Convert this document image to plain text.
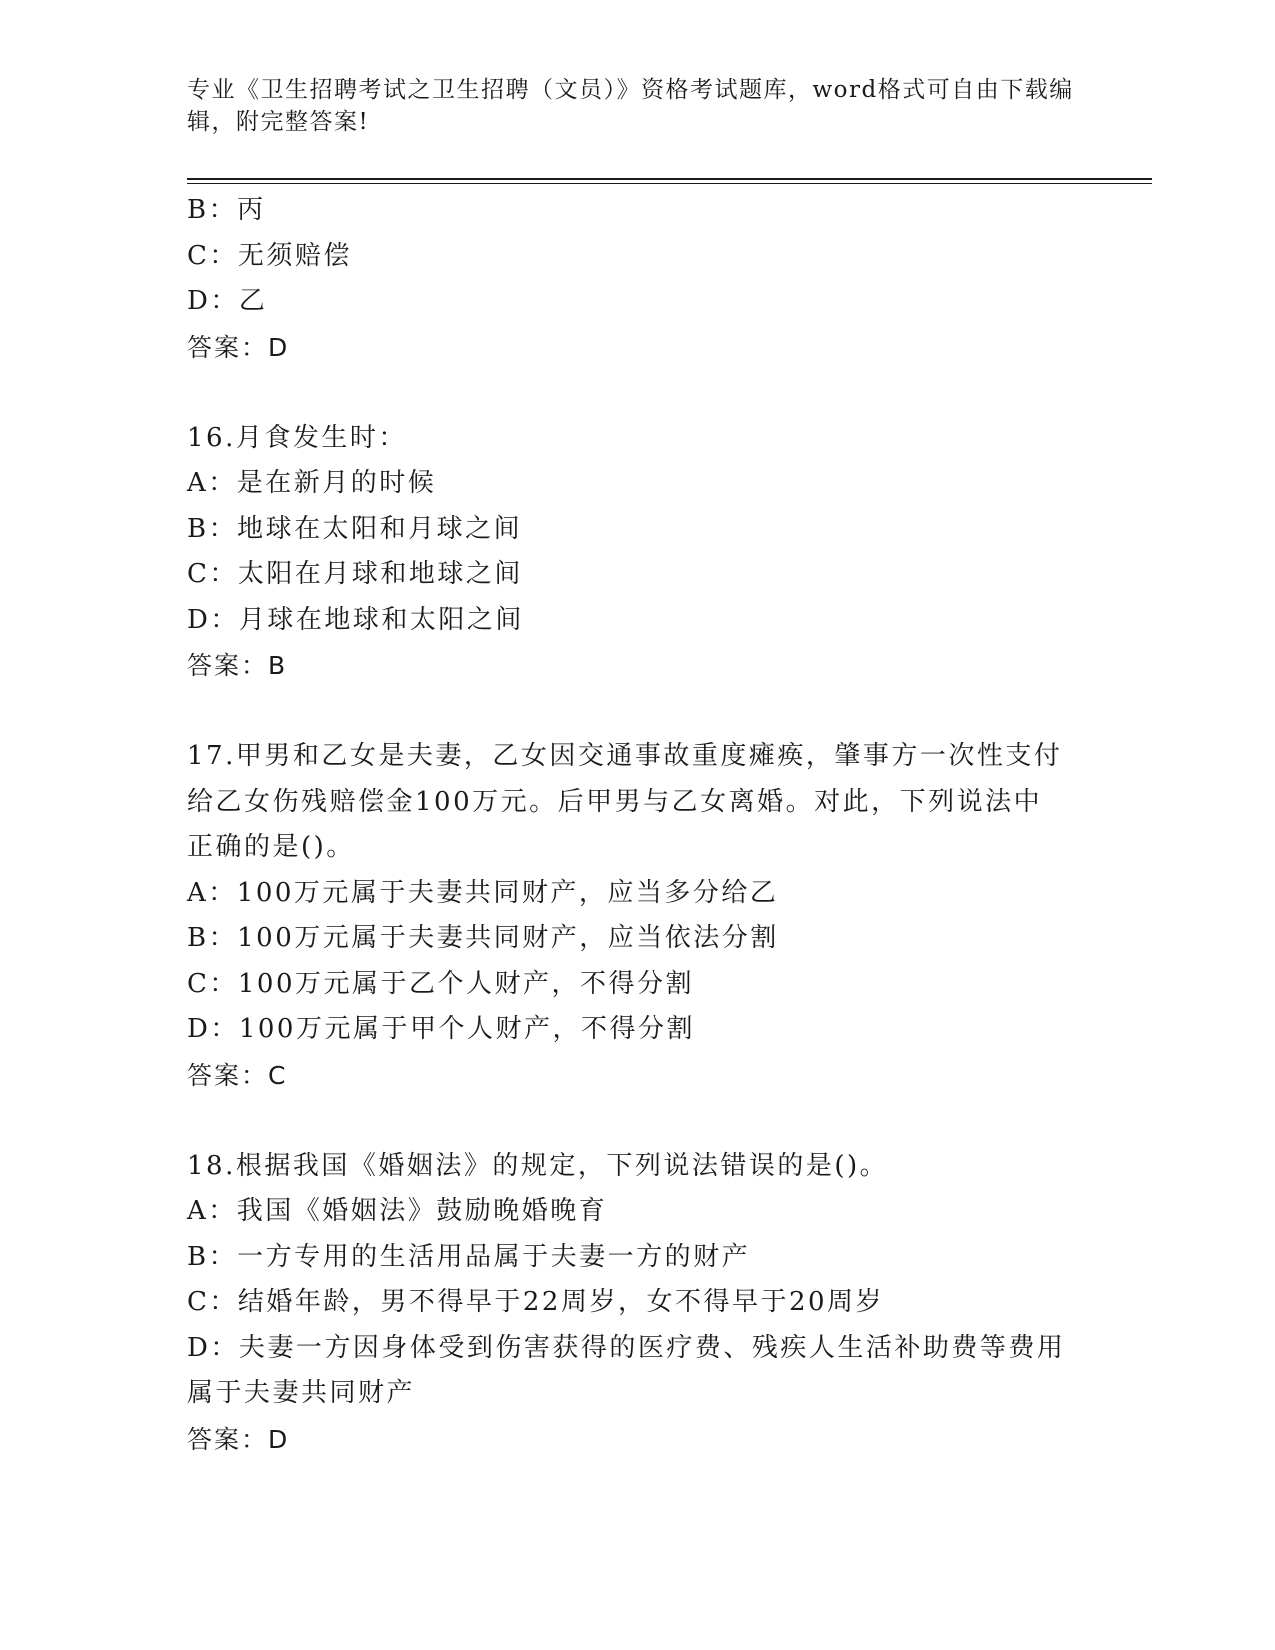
专业《卫生招聘考试之卫生招聘（文员）》资格考试题库，word格式可自由下载编辑，附完整答案!
B：丙
C：无须赔偿
D：乙
答案：D
16.月食发生时：
A：是在新月的时候
B：地球在太阳和月球之间
C：太阳在月球和地球之间
D：月球在地球和太阳之间
答案：B
17.甲男和乙女是夫妻，乙女因交通事故重度瘫痪，肇事方一次性支付
给乙女伤残赔偿金100万元。后甲男与乙女离婚。对此，下列说法中
正确的是()。
A：100万元属于夫妻共同财产，应当多分给乙
B：100万元属于夫妻共同财产，应当依法分割
C：100万元属于乙个人财产，不得分割
D：100万元属于甲个人财产，不得分割
答案：C
18.根据我国《婚姻法》的规定，下列说法错误的是()。
A：我国《婚姻法》鼓励晚婚晚育
B：一方专用的生活用品属于夫妻一方的财产
C：结婚年龄，男不得早于22周岁，女不得早于20周岁
D：夫妻一方因身体受到伤害获得的医疗费、残疾人生活补助费等费用
属于夫妻共同财产
答案：D
